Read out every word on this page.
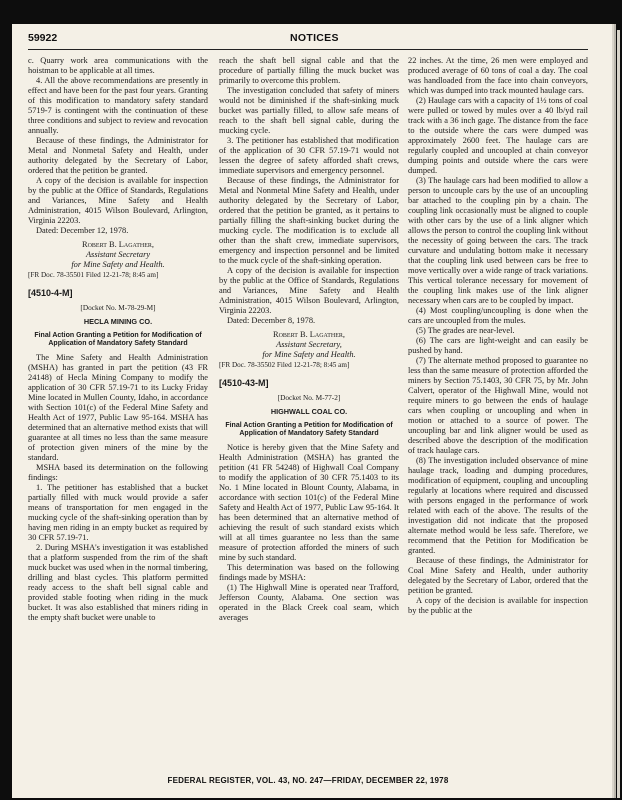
59922	NOTICES

c. Quarry work area communications with the hoistman to be applicable at all times.

4. All the above recommendations are presently in effect and have been for the past four years. Granting of this modification to mandatory safety standard 5719-7 is contingent with the continuation of these three conditions and subject to review and revocation annually.

Because of these findings, the Administrator for Metal and Nonmetal Safety and Health, under authority delegated by the Secretary of Labor, ordered that the petition be granted.

A copy of the decision is available for inspection by the public at the Office of Standards, Regulations and Variances, Mine Safety and Health Administration, 4015 Wilson Boulevard, Arlington, Virginia 22203.

Dated: December 12, 1978.

Robert B. Lagather,

Assistant Secretary

for Mine Safety and Health.

[FR Doc. 78-35501 Filed 12-21-78; 8:45 am]

[4510-4-M]

[Docket No. M-78-29-M]

HECLA MINING CO.

Final Action Granting a Petition for Modification of Application of Mandatory Safety Standard

The Mine Safety and Health Administration (MSHA) has granted in part the petition (43 FR 24148) of Hecla Mining Company to modify the application of 30 CFR 57.19-71 to its Lucky Friday Mine located in Mullen County, Idaho, in accordance with Section 101(c) of the Federal Mine Safety and Health Act of 1977, Public Law 95-164. MSHA has determined that an alternative method exists that will guarantee at all times no less than the same measure of protection given miners of the mine by the standard.

MSHA based its determination on the following findings:

1. The petitioner has established that a bucket partially filled with muck would provide a safer means of transportation for men engaged in the mucking cycle of the shaft-sinking operation than by having men riding in an empty bucket as required by 30 CFR 57.19-71.

2. During MSHA's investigation it was established that a platform suspended from the rim of the shaft muck bucket was used when in the normal timbering, drilling and blast cycles. This platform permitted ready access to the shaft bell signal cable and provided stable footing when riding in the muck bucket. It was also established that miners riding in the empty shaft bucket were unable to

reach the shaft bell signal cable and that the procedure of partially filling the muck bucket was primarily to overcome this problem.

The investigation concluded that safety of miners would not be diminished if the shaft-sinking muck bucket was partially filled, to allow safe means of reach to the shaft bell signal cable, during the mucking cycle.

3. The petitioner has established that modification of the application of 30 CFR 57.19-71 would not lessen the degree of safety afforded shaft crews, immediate supervisors and emergency personnel.

Because of these findings, the Administrator for Metal and Nonmetal Mine Safety and Health, under authority delegated by the Secretary of Labor, ordered that the petition be granted, as it pertains to partially filling the shaft-sinking bucket during the mucking cycle. The modification is to exclude all other than the shaft crew, immediate supervisors, emergency and inspection personnel and be limited to the muck cycle of the shaft-sinking operation.

A copy of the decision is available for inspection by the public at the Office of Standards, Regulations and Variances, Mine Safety and Health Administration, 4015 Wilson Boulevard, Arlington, Virginia 22203.

Dated: December 8, 1978.

Robert B. Lagather,

Assistant Secretary,

for Mine Safety and Health.

[FR Doc. 78-35502 Filed 12-21-78; 8:45 am]

[4510-43-M]

[Docket No. M-77-2]

HIGHWALL COAL CO.

Final Action Granting a Petition for Modification of Application of Mandatory Safety Standard

Notice is hereby given that the Mine Safety and Health Administration (MSHA) has granted the petition (41 FR 54248) of Highwall Coal Company to modify the application of 30 CFR 75.1403 to its No. 1 Mine located in Blount County, Alabama, in accordance with section 101(c) of the Federal Mine Safety and Health Act of 1977, Public Law 95-164. It has been determined that an alternative method of achieving the result of such standard exists which will at all times guarantee no less than the same measure of protection afforded the miners of such mine by such standard.

This determination was based on the following findings made by MSHA:

(1) The Highwall Mine is operated near Trafford, Jefferson County, Alabama. One section was operated in the Black Creek coal seam, which averages

22 inches. At the time, 26 men were employed and produced average of 60 tons of coal a day. The coal was handloaded from the face into chain conveyors, which was dumped into track mounted haulage cars.

(2) Haulage cars with a capacity of 1½ tons of coal were pulled or towed by mules over a 40 lb/yd rail track with a 36 inch gage. The distance from the face to the outside where the cars were dumped was approximately 2600 feet. The haulage cars are regularly coupled and uncoupled at chain conveyor dumping points and outside where the cars were dumped.

(3) The haulage cars had been modified to allow a person to uncouple cars by the use of an uncoupling bar attached to the coupling pin by a chain. The coupling link occasionally must be aligned to couple with other cars by the use of a link aligner which allows the person to control the coupling link without the necessity of going between the cars. The track curvature and undulating bottom make it necessary that the coupling link used between cars be free to move vertically over a wide range of track variations. This vertical tolerance necessary for movement of the coupling link makes use of the link aligner necessary when cars are to be coupled by impact.

(4) Most coupling/uncoupling is done when the cars are uncoupled from the mules.

(5) The grades are near-level.

(6) The cars are light-weight and can easily be pushed by hand.

(7) The alternate method proposed to guarantee no less than the same measure of protection afforded the miners by Section 75.1403, 30 CFR 75, by Mr. John Calvert, operator of the Highwall Mine, would not require miners to go between the ends of haulage cars when coupling or uncoupling and when in motion or attached to a source of power. The uncoupling bar and link aligner would be used as described above the description of the modification of track haulage cars.

(8) The investigation included observance of mine haulage track, loading and dumping procedures, modification of equipment, coupling and uncoupling regularly at locations where required and discussed with persons engaged in the performance of work related with each of the above. The results of the investigation did not indicate that the proposed alternate method would be less safe. Therefore, we recommend that the Petition for Modification be granted.

Because of these findings, the Administrator for Coal Mine Safety and Health, under authority delegated by the Secretary of Labor, ordered that the petition be granted.

A copy of the decision is available for inspection by the public at the

FEDERAL REGISTER, VOL. 43, NO. 247—FRIDAY, DECEMBER 22, 1978
